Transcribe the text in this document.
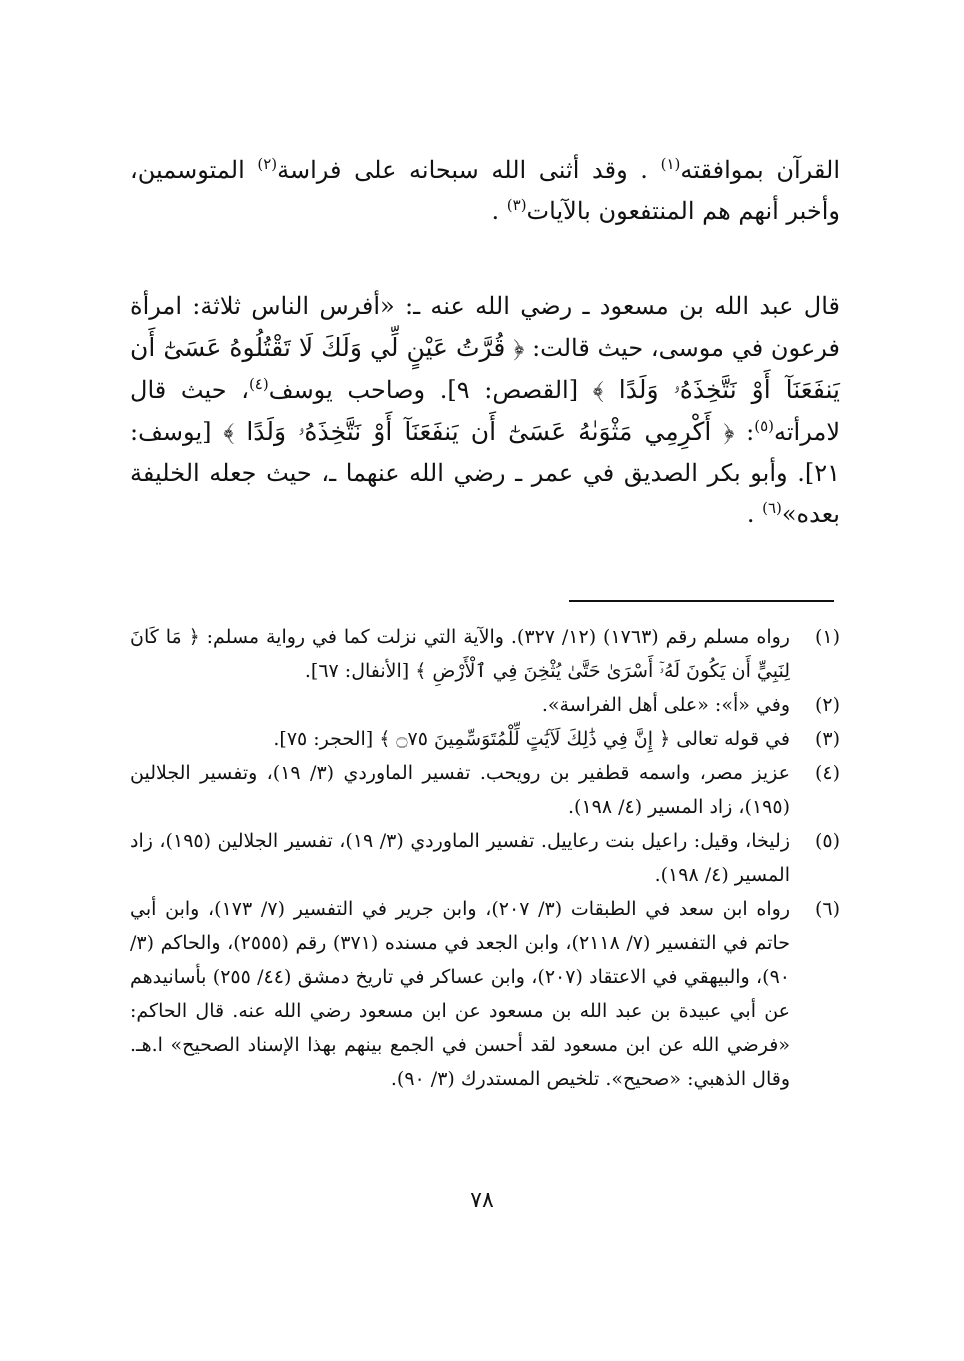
القرآن بموافقته$^{(١)}$ . وقد أثنى الله سبحانه على فراسة$^{(٢)}$ المتوسمين، وأخبر أنهم هم المنتفعون بالآيات$^{(٣)}$ .

قال عبد الله بن مسعود ـ رضي الله عنه ـ: «أفرس الناس ثلاثة: امرأة فرعون في موسى، حيث قالت: ﴿ قُرَّتُ عَيْنٍ لِّي وَلَكَ لَا تَقْتُلُوهُ عَسَىٰٓ أَن يَنفَعَنَآ أَوْ نَتَّخِذَهُۥ وَلَدًا ﴾ [القصص: ٩]. وصاحب يوسف$^{(٤)}$، حيث قال لامرأته$^{(٥)}$: ﴿ أَكْرِمِي مَثْوَىٰهُ عَسَىٰٓ أَن يَنفَعَنَآ أَوْ نَتَّخِذَهُۥ وَلَدًا ﴾ [يوسف: ٢١]. وأبو بكر الصديق في عمر ـ رضي الله عنهما ـ، حيث جعله الخليفة بعده»$^{(٦)}$ .

(١)
رواه مسلم رقم (١٧٦٣) (١٢/ ٣٢٧). والآية التي نزلت كما في رواية مسلم: ﴿ مَا كَانَ لِنَبِيٍّ أَن يَكُونَ لَهُۥٓ أَسْرَىٰ حَتَّىٰ يُثْخِنَ فِي ٱلْأَرْضِ ﴾ [الأنفال: ٦٧].
(٢)
وفي «أ»: «على أهل الفراسة».
(٣)
في قوله تعالى ﴿ إِنَّ فِي ذَٰلِكَ لَآيَٰتٍ لِّلْمُتَوَسِّمِينَ ۝٧٥ ﴾ [الحجر: ٧٥].
(٤)
عزيز مصر، واسمه قطفير بن رويحب. تفسير الماوردي (٣/ ١٩)، وتفسير الجلالين (١٩٥)، زاد المسير (٤/ ١٩٨).
(٥)
زليخا، وقيل: راعيل بنت رعاييل. تفسير الماوردي (٣/ ١٩)، تفسير الجلالين (١٩٥)، زاد المسير (٤/ ١٩٨).
(٦)
رواه ابن سعد في الطبقات (٣/ ٢٠٧)، وابن جرير في التفسير (٧/ ١٧٣)، وابن أبي حاتم في التفسير (٧/ ٢١١٨)، وابن الجعد في مسنده (٣٧١) رقم (٢٥٥٥)، والحاكم (٣/ ٩٠)، والبيهقي في الاعتقاد (٢٠٧)، وابن عساكر في تاريخ دمشق (٤٤/ ٢٥٥) بأسانيدهم عن أبي عبيدة بن عبد الله بن مسعود عن ابن مسعود رضي الله عنه. قال الحاكم: «فرضي الله عن ابن مسعود لقد أحسن في الجمع بينهم بهذا الإسناد الصحيح» ا.هـ. وقال الذهبي: «صحيح». تلخيص المستدرك (٣/ ٩٠).
٧٨
